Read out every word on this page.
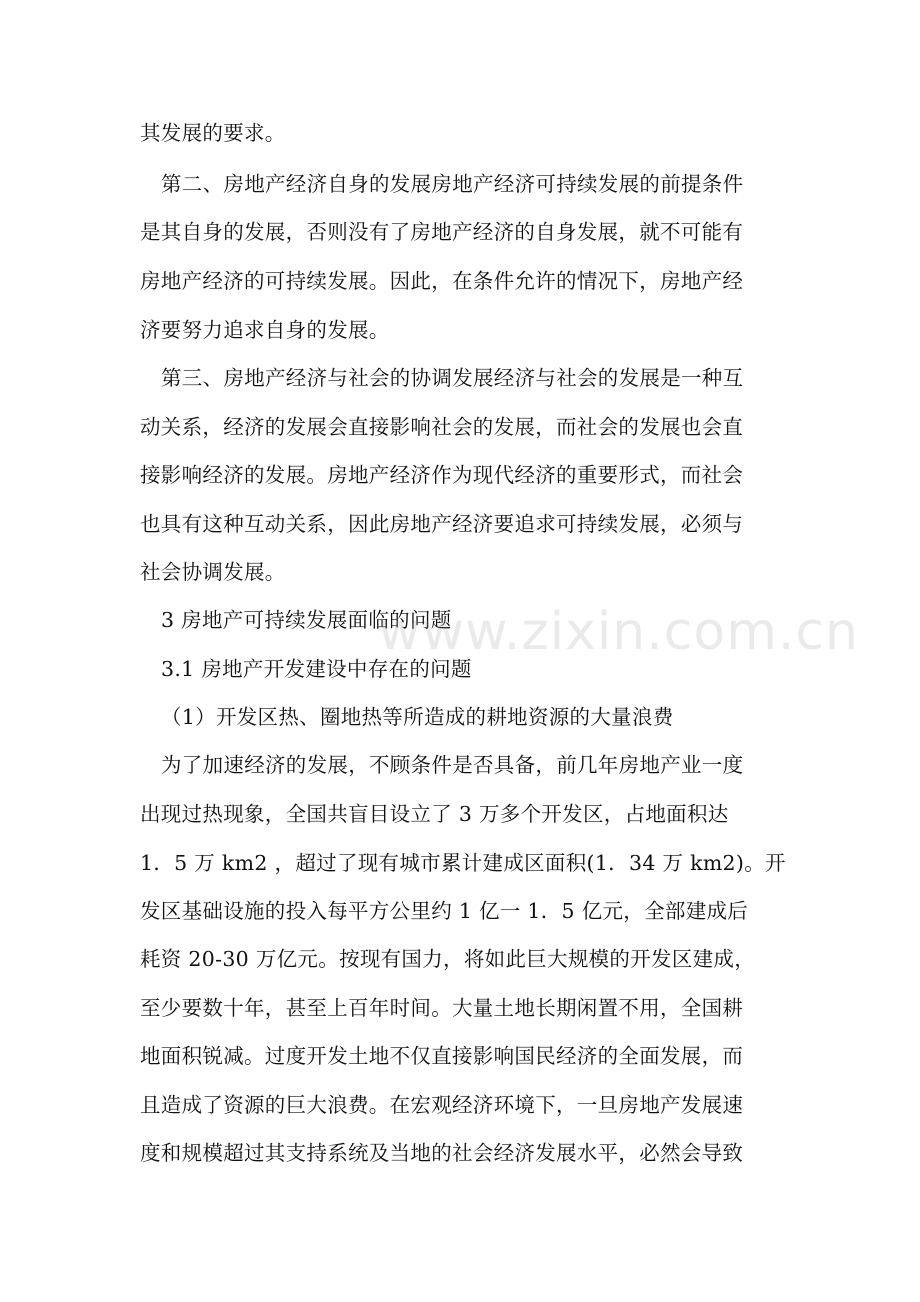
其发展的要求。
第二、房地产经济自身的发展房地产经济可持续发展的前提条件
是其自身的发展，否则没有了房地产经济的自身发展，就不可能有
房地产经济的可持续发展。因此，在条件允许的情况下，房地产经
济要努力追求自身的发展。
第三、房地产经济与社会的协调发展经济与社会的发展是一种互
动关系，经济的发展会直接影响社会的发展，而社会的发展也会直
接影响经济的发展。房地产经济作为现代经济的重要形式，而社会
也具有这种互动关系，因此房地产经济要追求可持续发展，必须与
社会协调发展。
3 房地产可持续发展面临的问题
3.1 房地产开发建设中存在的问题
（1）开发区热、圈地热等所造成的耕地资源的大量浪费
为了加速经济的发展，不顾条件是否具备，前几年房地产业一度
出现过热现象，全国共盲目设立了 3 万多个开发区，占地面积达
1．5 万 km2 ，超过了现有城市累计建成区面积(1．34 万 km2)。开
发区基础设施的投入每平方公里约 1 亿一 1．5 亿元，全部建成后
耗资 20-30 万亿元。按现有国力，将如此巨大规模的开发区建成，
至少要数十年，甚至上百年时间。大量土地长期闲置不用，全国耕
地面积锐减。过度开发土地不仅直接影响国民经济的全面发展，而
且造成了资源的巨大浪费。在宏观经济环境下，一旦房地产发展速
度和规模超过其支持系统及当地的社会经济发展水平，必然会导致
www.zixin.com.cn
